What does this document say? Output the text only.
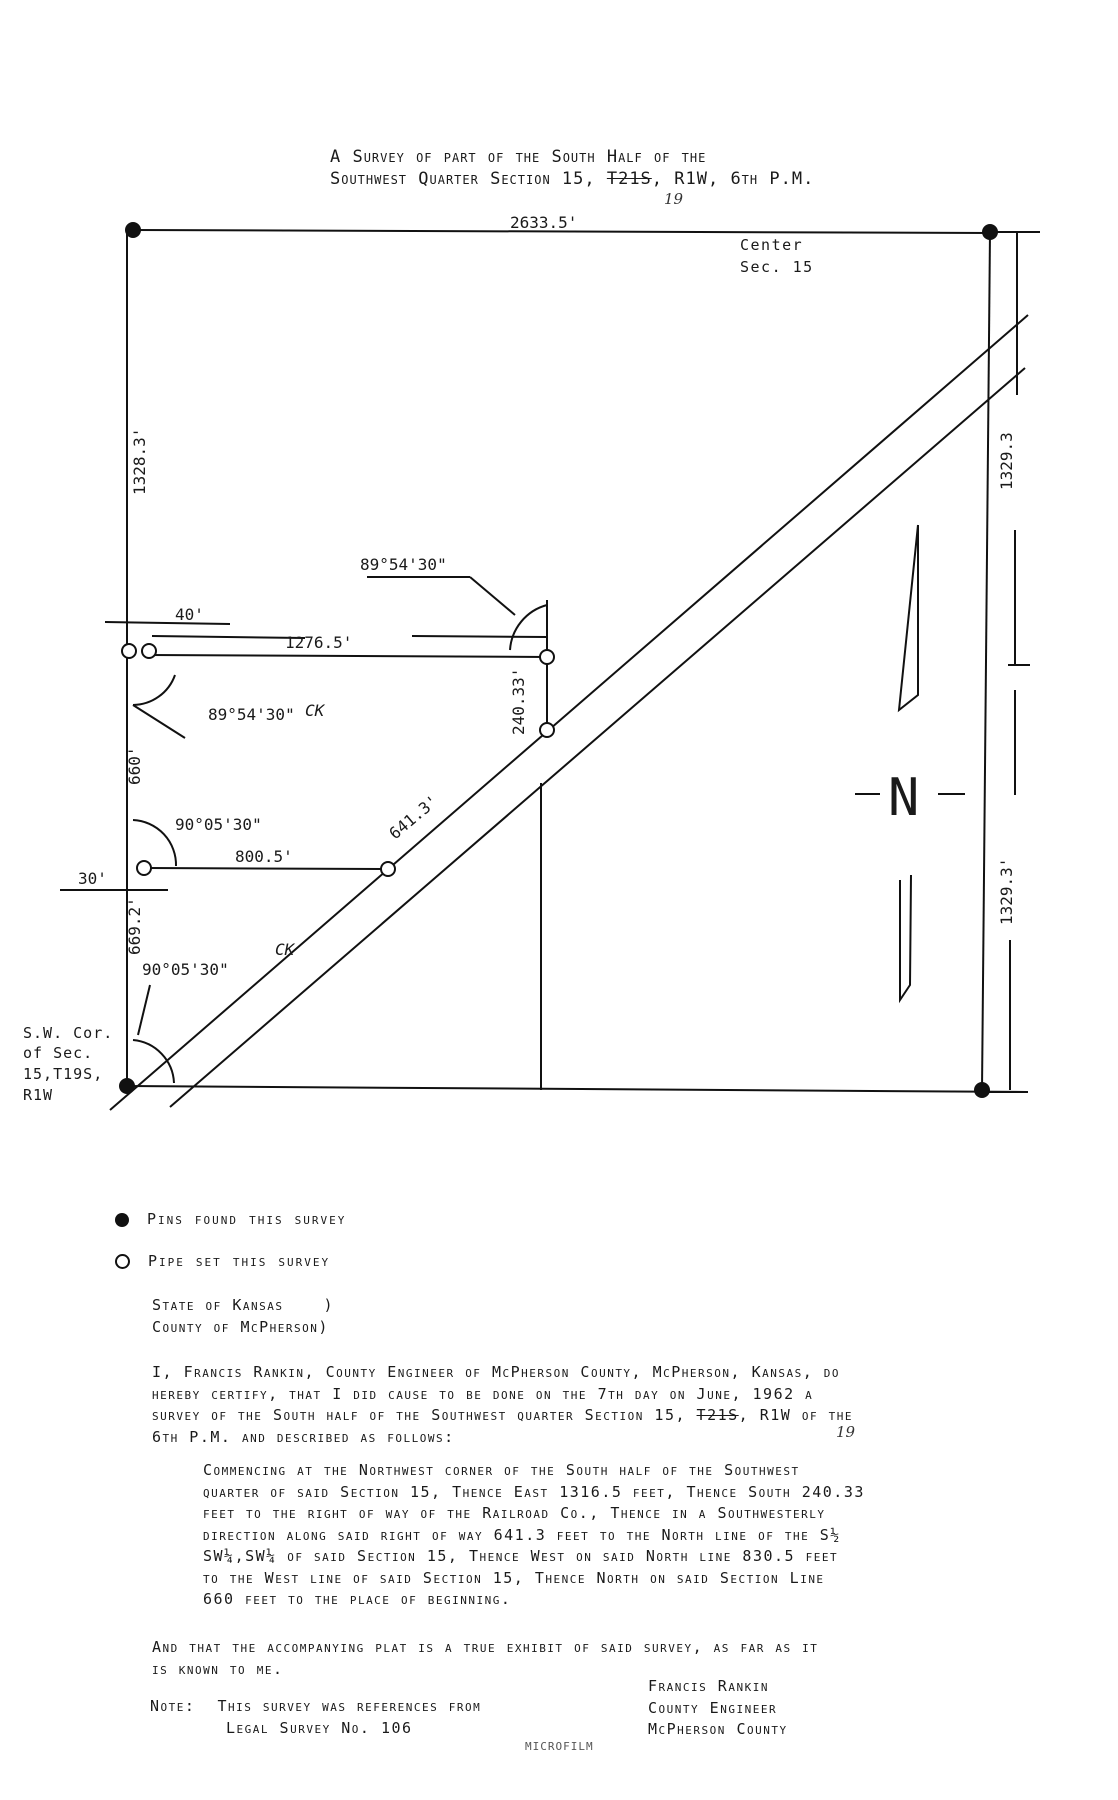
A Survey of part of the South Half of the
Southwest Quarter Section 15, T21S, R1W, 6th P.M.
19
2633.5'
Center
Sec. 15
1328.3'	1329.3
1329.3'
89°54'30"
40'
1276.5'
240.33'
89°54'30" CK
660'
90°05'30"
800.5'
641.3'
30'
669.2'
90°05'30"
CK
S.W. Cor.
of Sec.
15,T19S,
R1W
N
Pins found this survey
Pipe set this survey
State of Kansas	)
County of McPherson)
I, Francis Rankin, County Engineer of McPherson County, McPherson, Kansas, do
hereby certify, that I did cause to be done on the 7th day on June, 1962 a
survey of the South half of the Southwest quarter Section 15, T21S, R1W of the
6th P.M. and described as follows:	19
Commencing at the Northwest corner of the South half of the Southwest
quarter of said Section 15, Thence East 1316.5 feet, Thence South 240.33
feet to the right of way of the Railroad Co., Thence in a Southwesterly
direction along said right of way 641.3 feet to the North line of the S½
SW¼,SW¼ of said Section 15, Thence West on said North line 830.5 feet
to the West line of said Section 15, Thence North on said Section Line
660 feet to the place of beginning.
And that the accompanying plat is a true exhibit of said survey, as far as it
is known to me.
Note: This survey was references from
Legal Survey No. 106
Francis Rankin
County Engineer
McPherson County
MICROFILM
